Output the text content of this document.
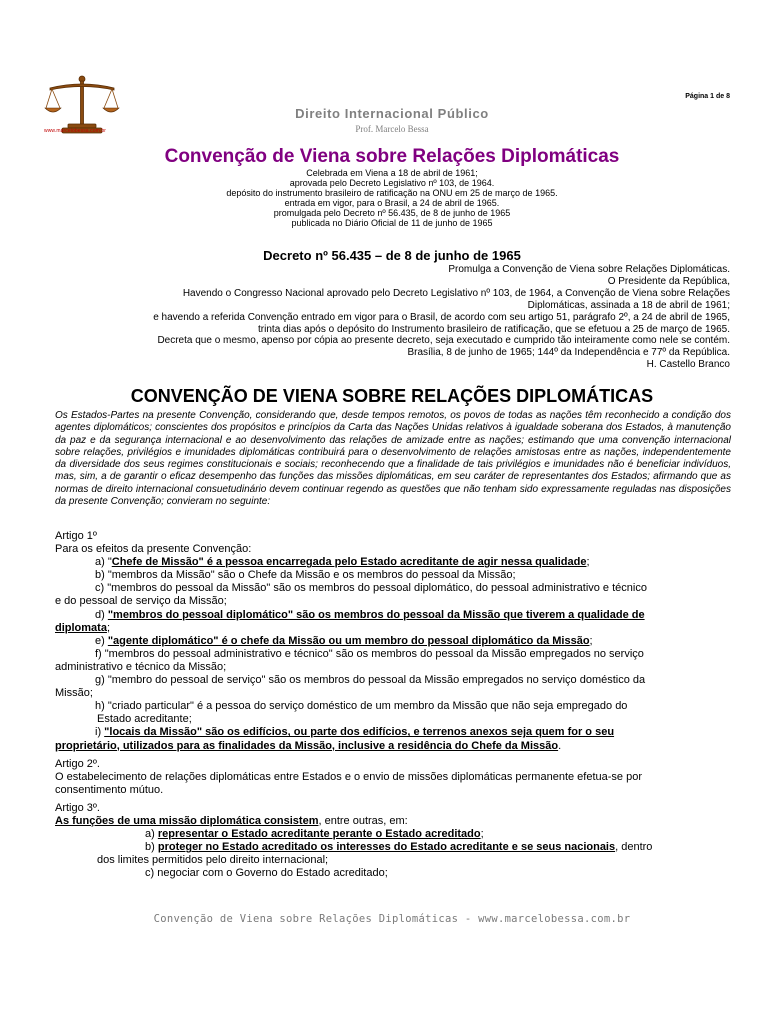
www.marcelobessa.com.br
Página 1 de 8
Direito Internacional Público
Prof. Marcelo Bessa
Convenção de Viena sobre Relações Diplomáticas
Celebrada em Viena a 18 de abril de 1961;
aprovada pelo Decreto Legislativo nº 103, de 1964.
depósito do instrumento brasileiro de ratificação na ONU em 25 de março de 1965.
entrada em vigor, para o Brasil, a 24 de abril de 1965.
promulgada pelo Decreto nº 56.435, de 8 de junho de 1965
publicada no Diário Oficial de 11 de junho de 1965
Decreto nº 56.435 – de 8 de junho de 1965
Promulga a Convenção de Viena sobre Relações Diplomáticas.
O Presidente da República,
Havendo o Congresso Nacional aprovado pelo Decreto Legislativo nº 103, de 1964, a Convenção de Viena sobre Relações
Diplomáticas, assinada a 18 de abril de 1961;
e havendo a referida Convenção entrado em vigor para o Brasil, de acordo com seu artigo 51, parágrafo 2º, a 24 de abril de 1965,
trinta dias após o depósito do Instrumento brasileiro de ratificação, que se efetuou a 25 de março de 1965.
Decreta que o mesmo, apenso por cópia ao presente decreto, seja executado e cumprido tão inteiramente como nele se contém.
Brasília, 8 de junho de 1965; 144º da Independência e 77º da República.
H. Castello Branco
CONVENÇÃO DE VIENA SOBRE RELAÇÕES DIPLOMÁTICAS
Os Estados-Partes na presente Convenção, considerando que, desde tempos remotos, os povos de todas as nações têm reconhecido a condição dos agentes diplomáticos; conscientes dos propósitos e princípios da Carta das Nações Unidas relativos à igualdade soberana dos Estados, à manutenção da paz e da segurança internacional e ao desenvolvimento das relações de amizade entre as nações; estimando que uma convenção internacional sobre relações, privilégios e imunidades diplomáticas contribuirá para o desenvolvimento de relações amistosas entre as nações, independentemente da diversidade dos seus regimes constitucionais e sociais; reconhecendo que a finalidade de tais privilégios e imunidades não é beneficiar indivíduos, mas, sim, a de garantir o eficaz desempenho das funções das missões diplomáticas, em seu caráter de representantes dos Estados; afirmando que as normas de direito internacional consuetudinário devem continuar regendo as questões que não tenham sido expressamente reguladas nas disposições da presente Convenção; convieram no seguinte:

Artigo 1º

Para os efeitos da presente Convenção:

a) "Chefe de Missão" é a pessoa encarregada pelo Estado acreditante de agir nessa qualidade;

b) "membros da Missão" são o Chefe da Missão e os membros do pessoal da Missão;

c) "membros do pessoal da Missão" são os membros do pessoal diplomático, do pessoal administrativo e técnico

e do pessoal de serviço da Missão;

d) "membros do pessoal diplomático" são os membros do pessoal da Missão que tiverem a qualidade de

diplomata;

e) "agente diplomático" é o chefe da Missão ou um membro do pessoal diplomático da Missão;

f) "membros do pessoal administrativo e técnico" são os membros do pessoal da Missão empregados no serviço

administrativo e técnico da Missão;

g) "membro do pessoal de serviço" são os membros do pessoal da Missão empregados no serviço doméstico da

Missão;

h) "criado particular" é a pessoa do serviço doméstico de um membro da Missão que não seja empregado do

Estado acreditante;

i) "locais da Missão" são os edifícios, ou parte dos edifícios, e terrenos anexos seja quem for o seu

proprietário, utilizados para as finalidades da Missão, inclusive a residência do Chefe da Missão.

Artigo 2º.

O estabelecimento de relações diplomáticas entre Estados e o envio de missões diplomáticas permanente efetua-se por

consentimento mútuo.

Artigo 3º.

As funções de uma missão diplomática consistem, entre outras, em:

a) representar o Estado acreditante perante o Estado acreditado;

b) proteger no Estado acreditado os interesses do Estado acreditante e se seus nacionais, dentro

dos limites permitidos pelo direito internacional;

c) negociar com o Governo do Estado acreditado;

Convenção de Viena sobre Relações Diplomáticas - www.marcelobessa.com.br
